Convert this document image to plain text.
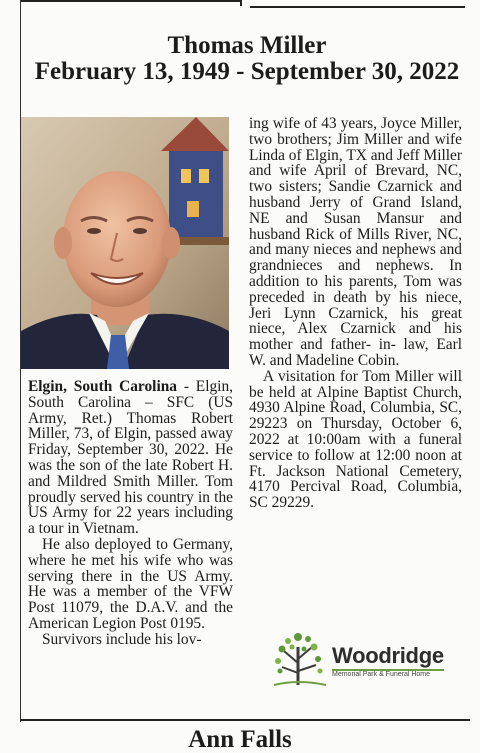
Thomas Miller
February 13, 1949 - September 30, 2022

Elgin, South Carolina - Elgin, South Carolina – SFC (US Army, Ret.) Thomas Robert Miller, 73, of Elgin, passed away Friday, September 30, 2022. He was the son of the late Robert H. and Mildred Smith Miller. Tom proudly served his country in the US Army for 22 years including a tour in Vietnam.

He also deployed to Germany, where he met his wife who was serving there in the US Army. He was a member of the VFW Post 11079, the D.A.V. and the American Legion Post 0195.

Survivors include his lov-

ing wife of 43 years, Joyce Miller, two brothers; Jim Miller and wife Linda of Elgin, TX and Jeff Miller and wife April of Brevard, NC, two sisters; Sandie Czarnick and husband Jerry of Grand Island, NE and Susan Mansur and husband Rick of Mills River, NC, and many nieces and nephews and grandnieces and nephews. In addition to his parents, Tom was preceded in death by his niece, Jeri Lynn Czarnick, his great niece, Alex Czarnick and his mother and father- in- law, Earl W. and Madeline Cobin.

A visitation for Tom Miller will be held at Alpine Baptist Church, 4930 Alpine Road, Columbia, SC, 29223 on Thursday, October 6, 2022 at 10:00am with a funeral service to follow at 12:00 noon at Ft. Jackson National Cemetery, 4170 Percival Road, Columbia, SC 29229.

Woodridge
Memorial Park & Funeral Home
Ann Falls
